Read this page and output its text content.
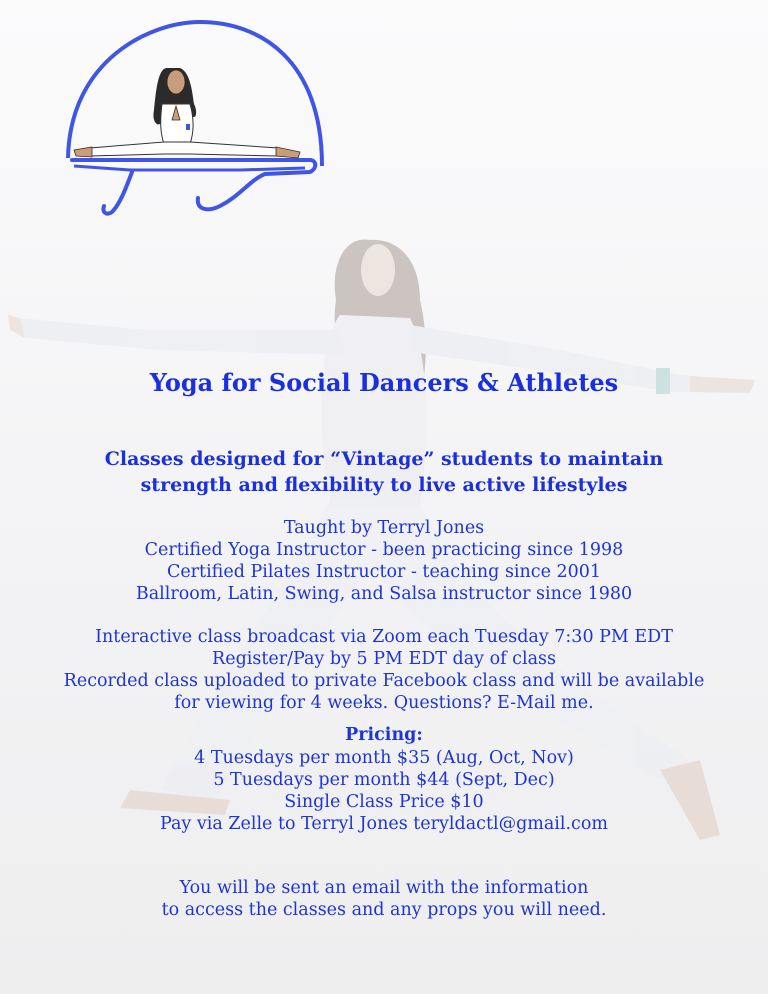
Yoga for Social Dancers & Athletes
Classes designed for “Vintage” students to maintain
strength and flexibility to live active lifestyles
Taught by Terryl Jones
Certified Yoga Instructor - been practicing since 1998
Certified Pilates Instructor - teaching since 2001
Ballroom, Latin, Swing, and Salsa instructor since 1980
Interactive class broadcast via Zoom each Tuesday 7:30 PM EDT
Register/Pay by 5 PM EDT day of class
Recorded class uploaded to private Facebook class and will be available
for viewing for 4 weeks. Questions? E-Mail me.
Pricing:
4 Tuesdays per month $35 (Aug, Oct, Nov)
5 Tuesdays per month $44 (Sept, Dec)
Single Class Price $10
Pay via Zelle to Terryl Jones teryldactl@gmail.com
You will be sent an email with the information
to access the classes and any props you will need.
